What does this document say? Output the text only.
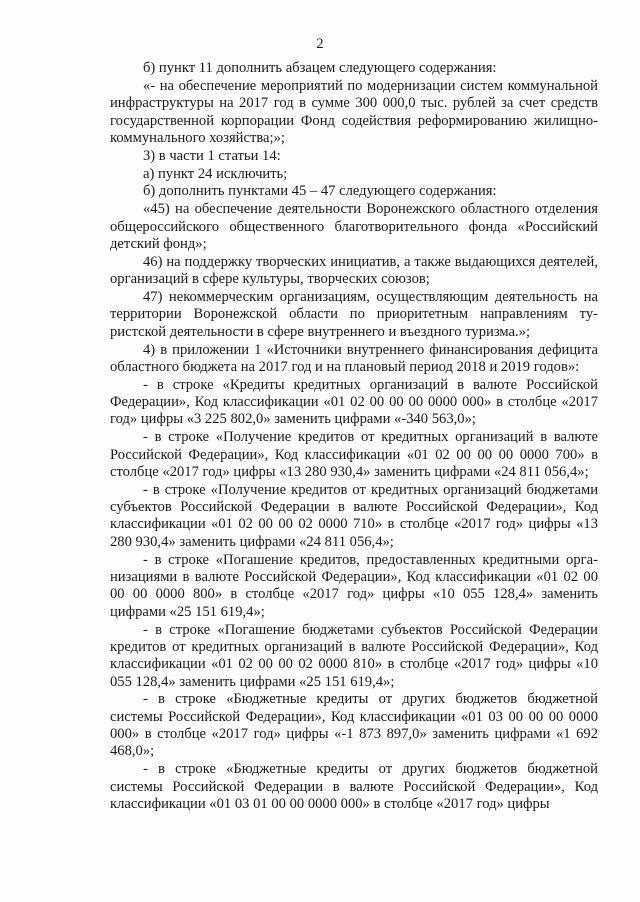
2

б) пункт 11 дополнить абзацем следующего содержания:

«- на обеспечение мероприятий по модернизации систем коммунальной инфраструктуры на 2017 год в сумме 300 000,0 тыс. рублей за счет средств государственной корпорации Фонд содействия реформированию жилищно-коммунального хозяйства;»;

3) в части 1 статьи 14:

а) пункт 24 исключить;

б) дополнить пунктами 45 – 47 следующего содержания:

«45) на обеспечение деятельности Воронежского областного отделения общероссийского общественного благотворительного фонда «Российский детский фонд»;

46) на поддержку творческих инициатив, а также выдающихся деятелей, организаций в сфере культуры, творческих союзов;

47) некоммерческим организациям, осуществляющим деятельность на территории Воронежской области по приоритетным направлениям туристской деятельности в сфере внутреннего и въездного туризма.»;

4) в приложении 1 «Источники внутреннего финансирования дефицита областного бюджета на 2017 год и на плановый период 2018 и 2019 годов»:

- в строке «Кредиты кредитных организаций в валюте Российской Федерации», Код классификации «01 02 00 00 00 0000 000» в столбце «2017 год» цифры «3 225 802,0» заменить цифрами «-340 563,0»;

- в строке «Получение кредитов от кредитных организаций в валюте Российской Федерации», Код классификации «01 02 00 00 00 0000 700» в столбце «2017 год» цифры «13 280 930,4» заменить цифрами «24 811 056,4»;

- в строке «Получение кредитов от кредитных организаций бюджетами субъектов Российской Федерации в валюте Российской Федерации», Код классификации «01 02 00 00 02 0000 710» в столбце «2017 год» цифры «13 280 930,4» заменить цифрами «24 811 056,4»;

- в строке «Погашение кредитов, предоставленных кредитными организациями в валюте Российской Федерации», Код классификации «01 02 00 00 00 0000 800» в столбце «2017 год» цифры «10 055 128,4» заменить цифрами «25 151 619,4»;

- в строке «Погашение бюджетами субъектов Российской Федерации кредитов от кредитных организаций в валюте Российской Федерации», Код классификации «01 02 00 00 02 0000 810» в столбце «2017 год» цифры «10 055 128,4» заменить цифрами «25 151 619,4»;

- в строке «Бюджетные кредиты от других бюджетов бюджетной системы Российской Федерации», Код классификации «01 03 00 00 00 0000 000» в столбце «2017 год» цифры «-1 873 897,0» заменить цифрами «1 692 468,0»;

- в строке «Бюджетные кредиты от других бюджетов бюджетной системы Российской Федерации в валюте Российской Федерации», Код классификации «01 03 01 00 00 0000 000» в столбце «2017 год» цифры
